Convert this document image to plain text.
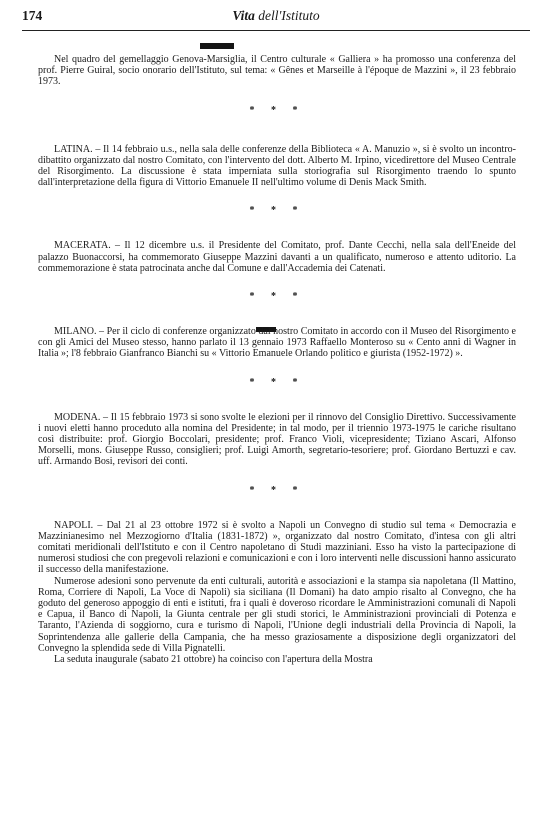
174	Vita dell'Istituto

Nel quadro del gemellaggio Genova-Marsiglia, il Centro culturale « Galliera » ha promosso una conferenza del prof. Pierre Guiral, socio onorario dell'Istituto, sul tema: « Gênes et Marseille à l'époque de Mazzini », il 23 febbraio 1973.

* * *

LATINA. – Il 14 febbraio u.s., nella sala delle conferenze della Biblioteca « A. Manuzio », si è svolto un incontro-dibattito organizzato dal nostro Comitato, con l'intervento del dott. Alberto M. Irpino, vicedirettore del Museo Centrale del Risorgimento. La discussione è stata imperniata sulla storiografia sul Risorgimento traendo lo spunto dall'interpretazione della figura di Vittorio Emanuele II nell'ultimo volume di Denis Mack Smith.

* * *

MACERATA. – Il 12 dicembre u.s. il Presidente del Comitato, prof. Dante Cecchi, nella sala dell'Eneide del palazzo Buonaccorsi, ha commemorato Giuseppe Mazzini davanti a un qualificato, numeroso e attento uditorio. La commemorazione è stata patrocinata anche dal Comune e dall'Accademia dei Catenati.

* * *

MILANO. – Per il ciclo di conferenze organizzato dal nostro Comitato in accordo con il Museo del Risorgimento e con gli Amici del Museo stesso, hanno parlato il 13 gennaio 1973 Raffaello Monteroso su « Cento anni di Wagner in Italia »; l'8 febbraio Gianfranco Bianchi su « Vittorio Emanuele Orlando politico e giurista (1952-1972) ».

* * *

MODENA. – Il 15 febbraio 1973 si sono svolte le elezioni per il rinnovo del Consiglio Direttivo. Successivamente i nuovi eletti hanno proceduto alla nomina del Presidente; in tal modo, per il triennio 1973-1975 le cariche risultano così distribuite: prof. Giorgio Boccolari, presidente; prof. Franco Violi, vicepresidente; Tiziano Ascari, Alfonso Morselli, mons. Giuseppe Russo, consiglieri; prof. Luigi Amorth, segretario-tesoriere; prof. Giordano Bertuzzi e cav. uff. Armando Bosi, revisori dei conti.

* * *

NAPOLI. – Dal 21 al 23 ottobre 1972 si è svolto a Napoli un Convegno di studio sul tema « Democrazia e Mazzinianesimo nel Mezzogiorno d'Italia (1831-1872) », organizzato dal nostro Comitato, d'intesa con gli altri comitati meridionali dell'Istituto e con il Centro napoletano di Studi mazziniani. Esso ha visto la partecipazione di numerosi studiosi che con pregevoli relazioni e comunicazioni e con i loro interventi nelle discussioni hanno assicurato il successo della manifestazione.

Numerose adesioni sono pervenute da enti culturali, autorità e associazioni e la stampa sia napoletana (Il Mattino, Roma, Corriere di Napoli, La Voce di Napoli) sia siciliana (Il Domani) ha dato ampio risalto al Convegno, che ha goduto del generoso appoggio di enti e istituti, fra i quali è doveroso ricordare le Amministrazioni comunali di Napoli e Capua, il Banco di Napoli, la Giunta centrale per gli studi storici, le Amministrazioni provinciali di Potenza e Taranto, l'Azienda di soggiorno, cura e turismo di Napoli, l'Unione degli industriali della Provincia di Napoli, la Soprintendenza alle gallerie della Campania, che ha messo graziosamente a disposizione degli organizzatori del Convegno la splendida sede di Villa Pignatelli.

La seduta inaugurale (sabato 21 ottobre) ha coinciso con l'apertura della Mostra
